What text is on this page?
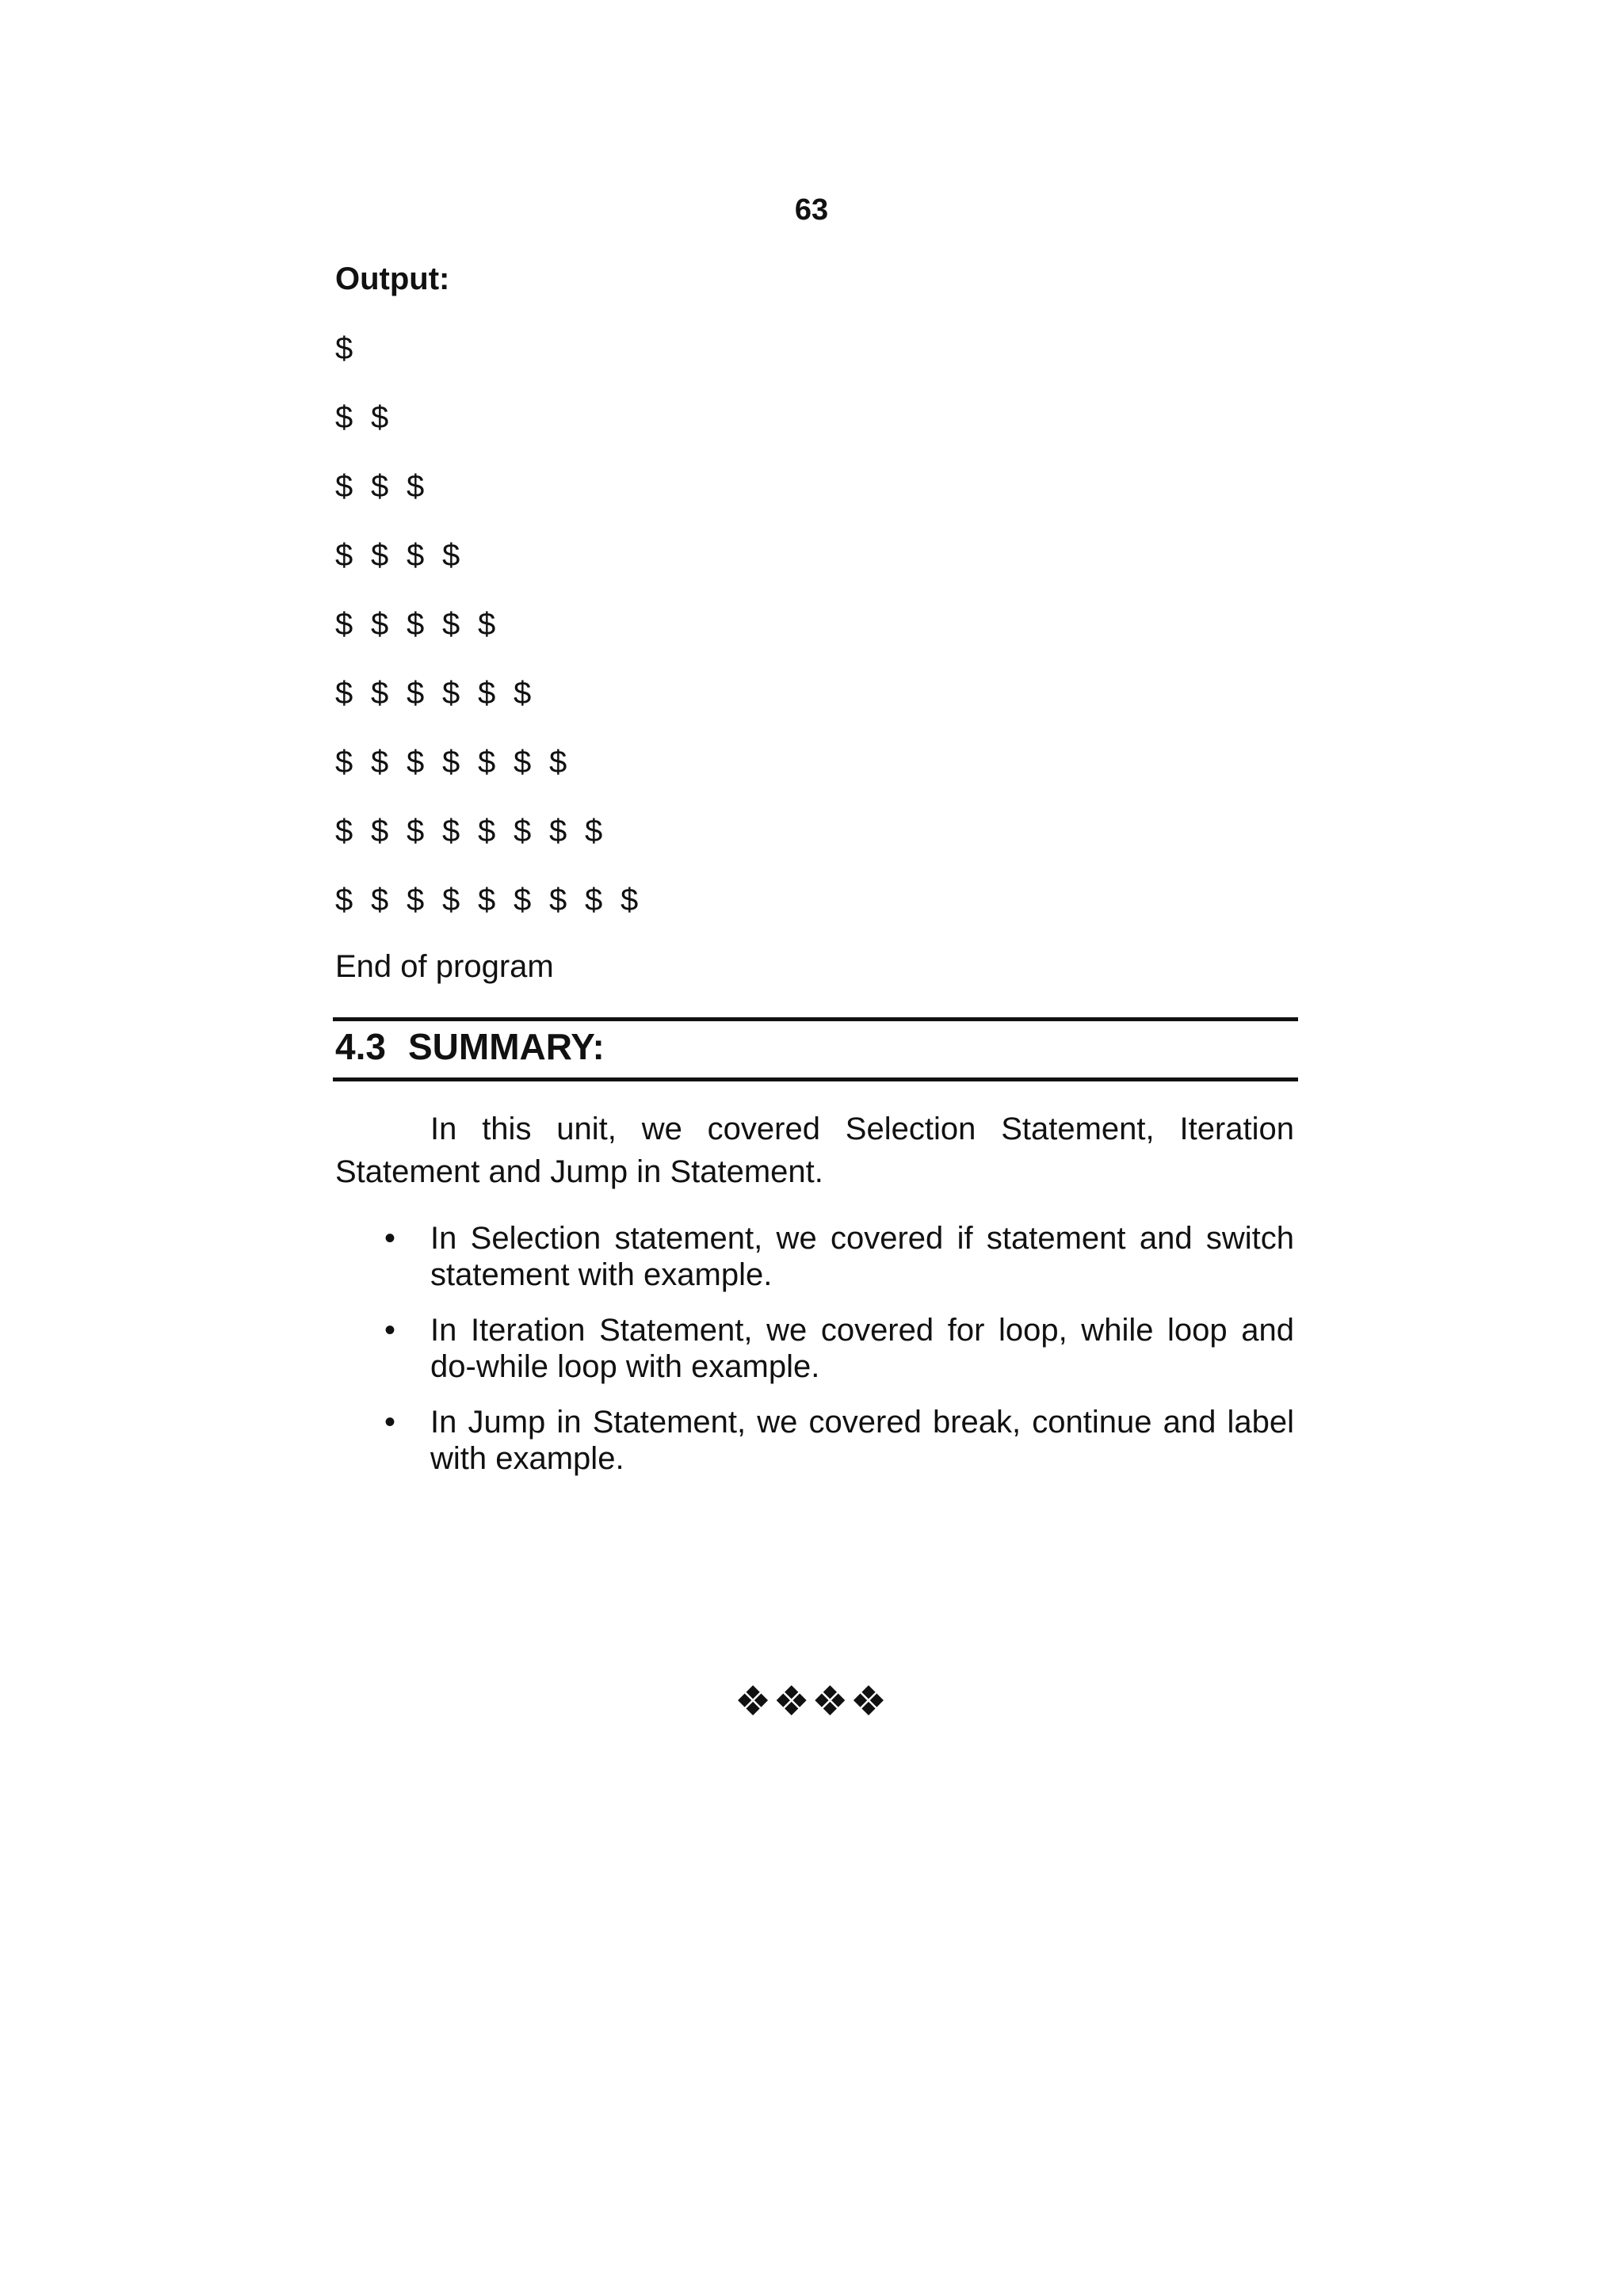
63
Output:
$
$ $
$ $ $
$ $ $ $
$ $ $ $ $
$ $ $ $ $ $
$ $ $ $ $ $ $
$ $ $ $ $ $ $ $
$ $ $ $ $ $ $ $ $
End of program
4.3 SUMMARY:

In this unit, we covered Selection Statement, Iteration Statement and Jump in Statement.

• In Selection statement, we covered if statement and switch statement with example.
• In Iteration Statement, we covered for loop, while loop and do-while loop with example.
• In Jump in Statement, we covered break, continue and label with example.
❖❖❖❖
